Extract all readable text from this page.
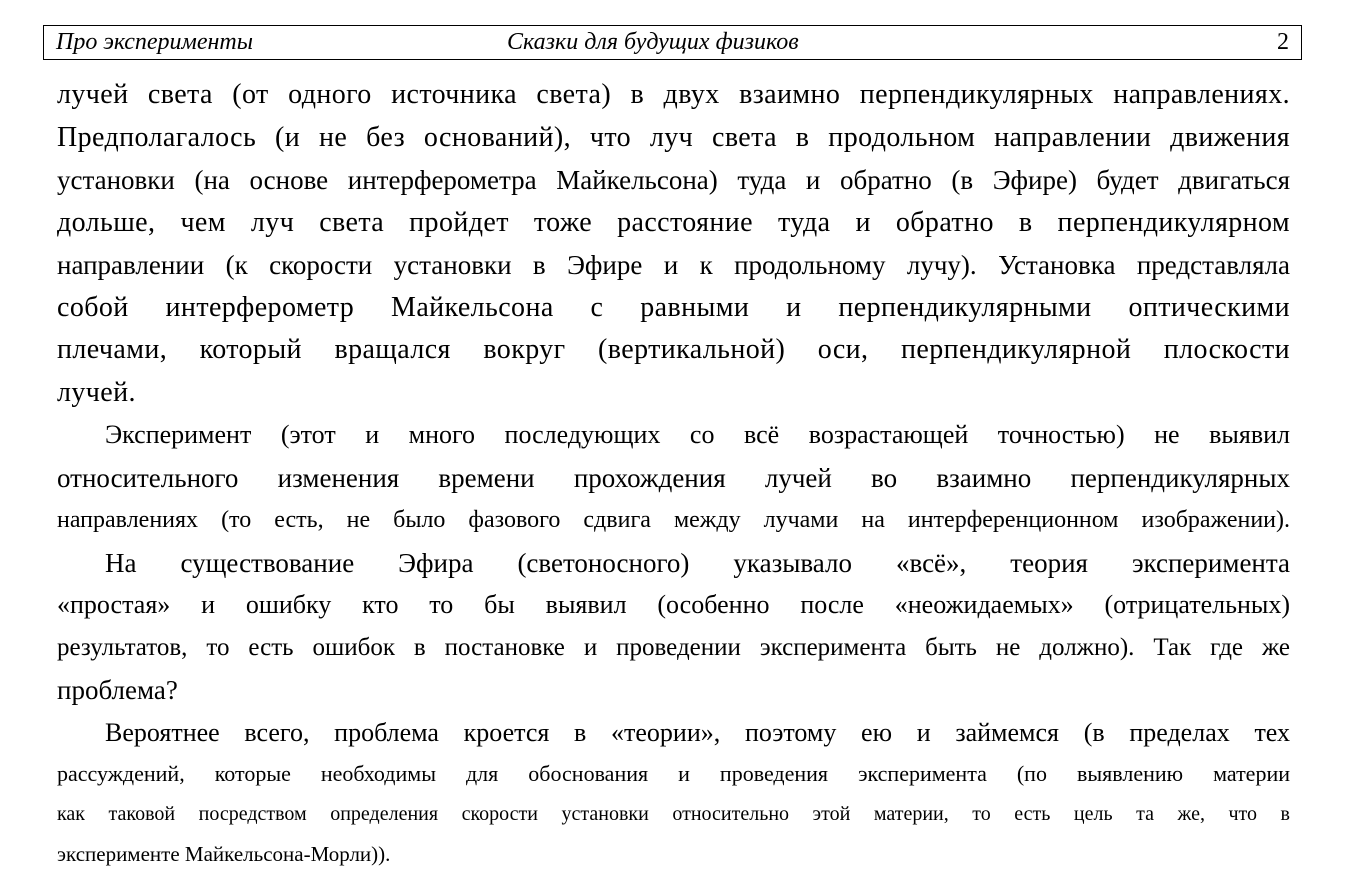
Про эксперименты	Сказки для будущих физиков	2
лучей света (от одного источника света) в двух взаимно перпендикулярных направлениях.
Предполагалось (и не без оснований), что луч света в продольном направлении движения
установки (на основе интерферометра Майкельсона) туда и обратно (в Эфире) будет двигаться
дольше, чем луч света пройдет тоже расстояние туда и обратно в перпендикулярном
направлении (к скорости установки в Эфире и к продольному лучу). Установка представляла
собой интерферометр Майкельсона с равными и перпендикулярными оптическими
плечами, который вращался вокруг (вертикальной) оси, перпендикулярной плоскости
лучей.
Эксперимент (этот и много последующих со всё возрастающей точностью) не выявил
относительного изменения времени прохождения лучей во взаимно перпендикулярных
направлениях (то есть, не было фазового сдвига между лучами на интерференционном изображении).
На существование Эфира (светоносного) указывало «всё», теория эксперимента
«простая» и ошибку кто то бы выявил (особенно после «неожидаемых» (отрицательных)
результатов, то есть ошибок в постановке и проведении эксперимента быть не должно). Так где же
проблема?
Вероятнее всего, проблема кроется в «теории», поэтому ею и займемся (в пределах тех
рассуждений, которые необходимы для обоснования и проведения эксперимента (по выявлению материи
как таковой посредством определения скорости установки относительно этой материи, то есть цель та же, что в
эксперименте Майкельсона-Морли)).
